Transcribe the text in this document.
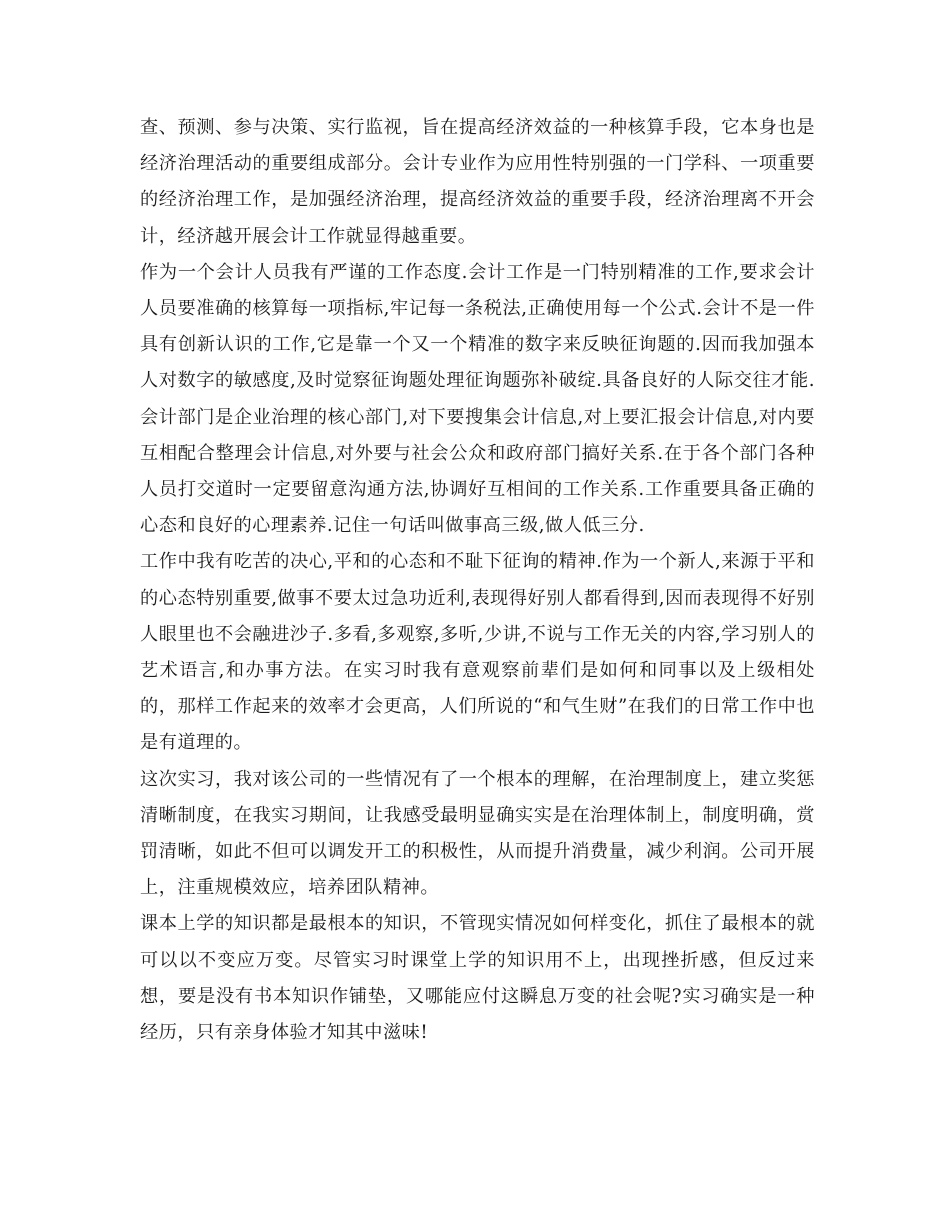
查、预测、参与决策、实行监视，旨在提高经济效益的一种核算手段，它本身也是经济治理活动的重要组成部分。会计专业作为应用性特别强的一门学科、一项重要的经济治理工作，是加强经济治理，提高经济效益的重要手段，经济治理离不开会计，经济越开展会计工作就显得越重要。

作为一个会计人员我有严谨的工作态度.会计工作是一门特别精准的工作,要求会计人员要准确的核算每一项指标,牢记每一条税法,正确使用每一个公式.会计不是一件具有创新认识的工作,它是靠一个又一个精准的数字来反映征询题的.因而我加强本人对数字的敏感度,及时觉察征询题处理征询题弥补破绽.具备良好的人际交往才能.会计部门是企业治理的核心部门,对下要搜集会计信息,对上要汇报会计信息,对内要互相配合整理会计信息,对外要与社会公众和政府部门搞好关系.在于各个部门各种人员打交道时一定要留意沟通方法,协调好互相间的工作关系.工作重要具备正确的心态和良好的心理素养.记住一句话叫做事高三级,做人低三分.

工作中我有吃苦的决心,平和的心态和不耻下征询的精神.作为一个新人,来源于平和的心态特别重要,做事不要太过急功近利,表现得好别人都看得到,因而表现得不好别人眼里也不会融进沙子.多看,多观察,多听,少讲,不说与工作无关的内容,学习别人的艺术语言,和办事方法。在实习时我有意观察前辈们是如何和同事以及上级相处的，那样工作起来的效率才会更高，人们所说的“和气生财”在我们的日常工作中也是有道理的。

这次实习，我对该公司的一些情况有了一个根本的理解，在治理制度上，建立奖惩清晰制度，在我实习期间，让我感受最明显确实实是在治理体制上，制度明确，赏罚清晰，如此不但可以调发开工的积极性，从而提升消费量，减少利润。公司开展上，注重规模效应，培养团队精神。

课本上学的知识都是最根本的知识，不管现实情况如何样变化，抓住了最根本的就可以以不变应万变。尽管实习时课堂上学的知识用不上，出现挫折感，但反过来想，要是没有书本知识作铺垫，又哪能应付这瞬息万变的社会呢?实习确实是一种经历，只有亲身体验才知其中滋味!
